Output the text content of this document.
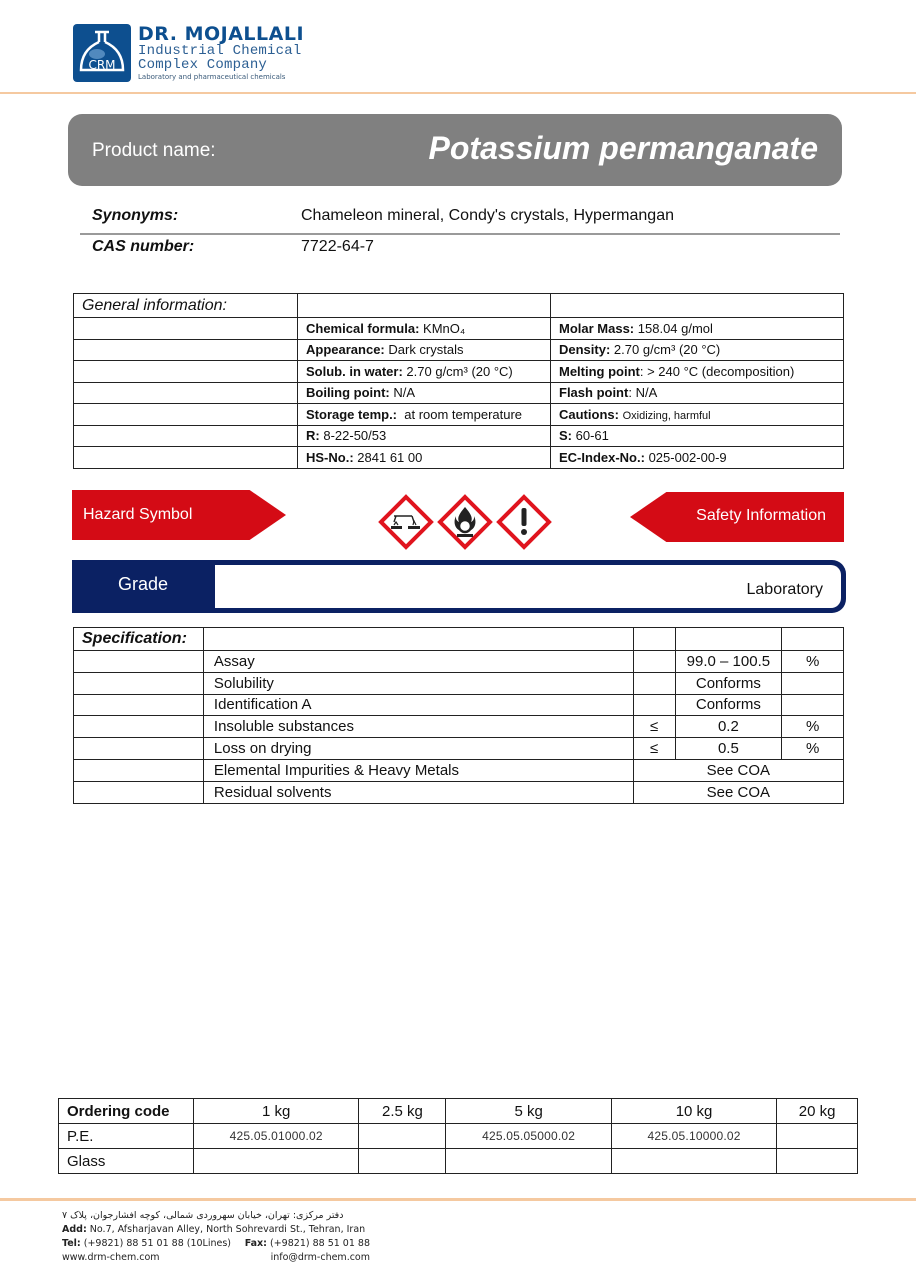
CRM
DR. MOJALLALI
Industrial Chemical
Complex Company
Laboratory and pharmaceutical chemicals
Product name:	Potassium permanganate
Synonyms:	Chameleon mineral, Condy's crystals, Hypermangan
CAS number:	7722-64-7
General information:		
	Chemical formula: KMnO₄	Molar Mass: 158.04 g/mol
	Appearance: Dark crystals	Density: 2.70 g/cm³ (20 °C)
	Solub. in water: 2.70 g/cm³ (20 °C)	Melting point: > 240 °C (decomposition)
	Boiling point: N/A	Flash point: N/A
	Storage temp.: at room temperature	Cautions: Oxidizing, harmful
	R: 8-22-50/53	S: 60-61
	HS-No.: 2841 61 00	EC-Index-No.: 025-002-00-9
Hazard Symbol	Safety Information
Grade	Laboratory
Specification:				
	Assay		99.0 – 100.5	%
	Solubility		Conforms	
	Identification A		Conforms	
	Insoluble substances	≤	0.2	%
	Loss on drying	≤	0.5	%
	Elemental Impurities & Heavy Metals	See COA		
	Residual solvents	See COA		
Ordering code	1 kg	2.5 kg	5 kg	10 kg	20 kg
P.E.	425.05.01000.02		425.05.05000.02	425.05.10000.02	
Glass					
دفتر مرکزی: تهران، خیابان سهروردی شمالی، کوچه افشارجوان، پلاک ۷
Add: No.7, Afsharjavan Alley, North Sohrevardi St., Tehran, Iran
Tel: (+9821) 88 51 01 88 (10Lines) Fax: (+9821) 88 51 01 88
www.drm-chem.com	info@drm-chem.com
